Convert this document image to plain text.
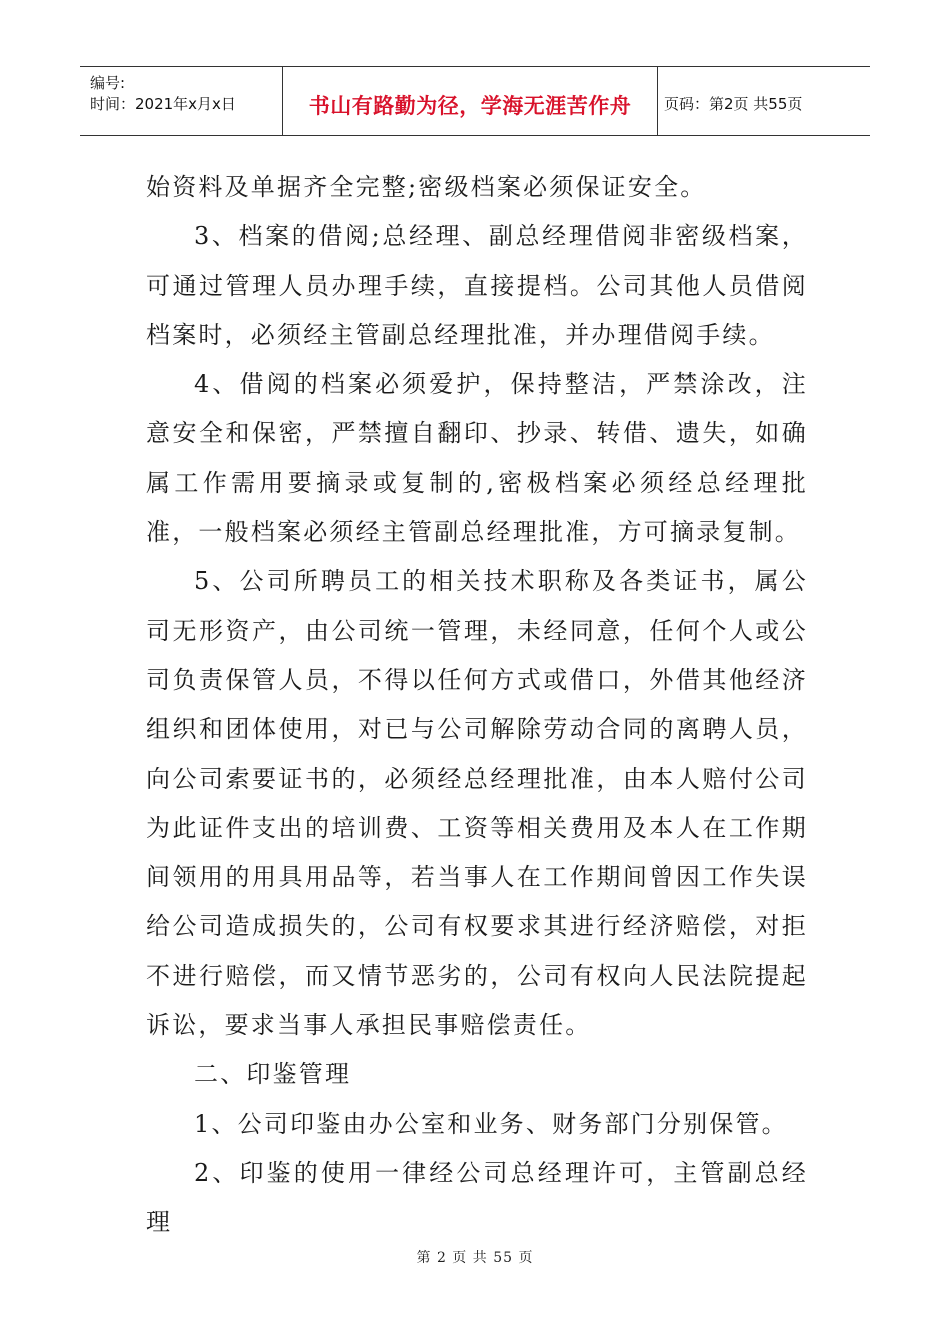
编号:
时间：2021年x月x日	书山有路勤为径，学海无涯苦作舟	页码：第2页 共55页

始资料及单据齐全完整;密级档案必须保证安全。

3、档案的借阅;总经理、副总经理借阅非密级档案，可通过管理人员办理手续，直接提档。公司其他人员借阅档案时，必须经主管副总经理批准，并办理借阅手续。

4、借阅的档案必须爱护，保持整洁，严禁涂改，注意安全和保密，严禁擅自翻印、抄录、转借、遗失，如确属工作需用要摘录或复制的,密极档案必须经总经理批准，一般档案必须经主管副总经理批准，方可摘录复制。

5、公司所聘员工的相关技术职称及各类证书，属公司无形资产，由公司统一管理，未经同意，任何个人或公司负责保管人员，不得以任何方式或借口，外借其他经济组织和团体使用，对已与公司解除劳动合同的离聘人员，向公司索要证书的，必须经总经理批准，由本人赔付公司为此证件支出的培训费、工资等相关费用及本人在工作期间领用的用具用品等，若当事人在工作期间曾因工作失误给公司造成损失的，公司有权要求其进行经济赔偿，对拒不进行赔偿，而又情节恶劣的，公司有权向人民法院提起诉讼，要求当事人承担民事赔偿责任。

二、印鉴管理

1、公司印鉴由办公室和业务、财务部门分别保管。

2、印鉴的使用一律经公司总经理许可，主管副总经理

第 2 页 共 55 页
